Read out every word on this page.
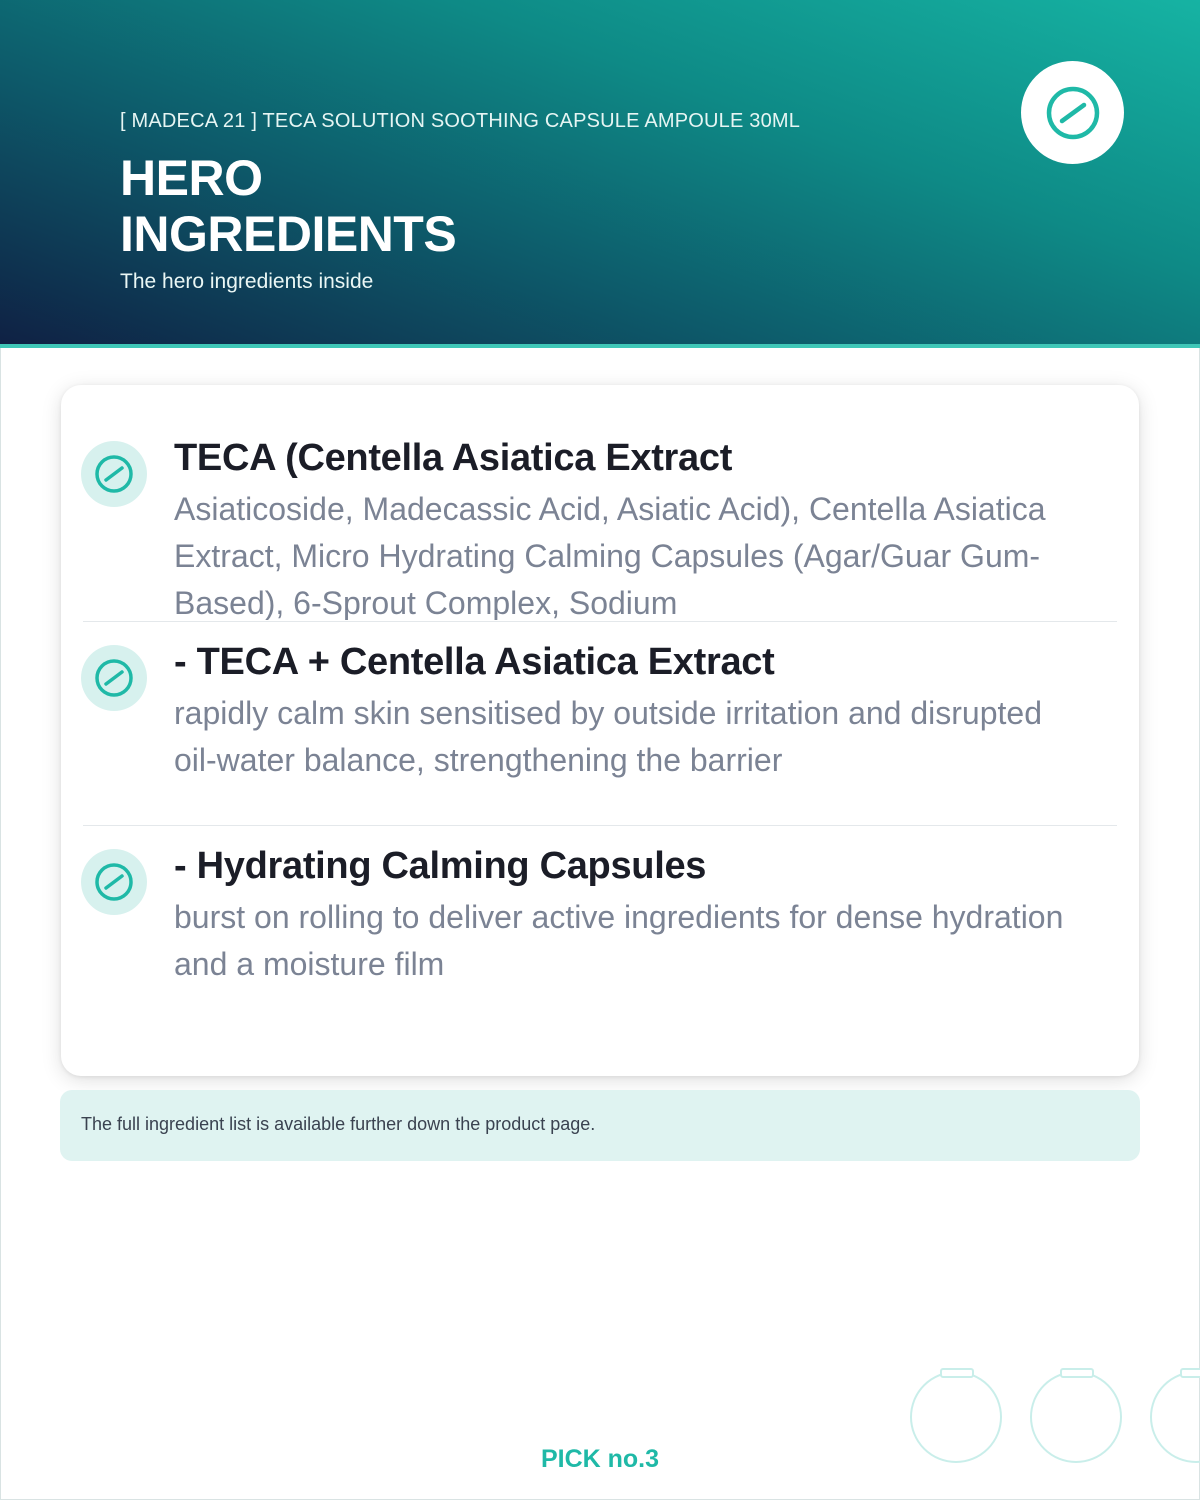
[ MADECA 21 ] TECA SOLUTION SOOTHING CAPSULE AMPOULE 30ML
HERO
INGREDIENTS
The hero ingredients inside
TECA (Centella Asiatica Extract
Asiaticoside, Madecassic Acid, Asiatic Acid), Centella Asiatica Extract, Micro Hydrating Calming Capsules (Agar/Guar Gum-Based), 6-Sprout Complex, Sodium
- TECA + Centella Asiatica Extract
rapidly calm skin sensitised by outside irritation and disrupted oil-water balance, strengthening the barrier
- Hydrating Calming Capsules
burst on rolling to deliver active ingredients for dense hydration and a moisture film
The full ingredient list is available further down the product page.
PICK no.3
